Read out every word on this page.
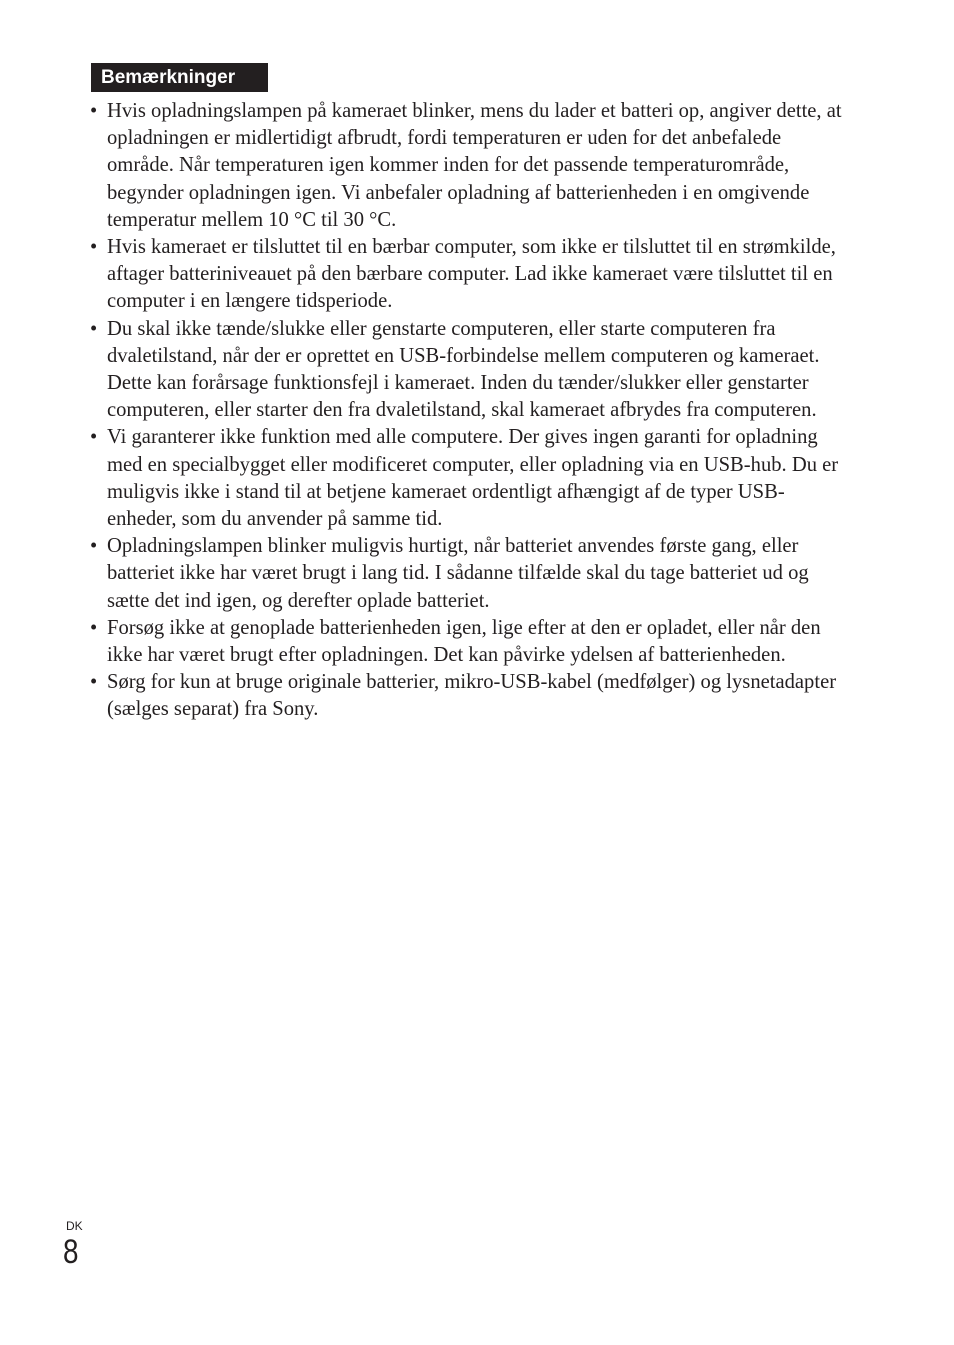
Bemærkninger
• Hvis opladningslampen på kameraet blinker, mens du lader et batteri op, angiver dette, at opladningen er midlertidigt afbrudt, fordi temperaturen er uden for det anbefalede område. Når temperaturen igen kommer inden for det passende temperaturområde, begynder opladningen igen. Vi anbefaler opladning af batterienheden i en omgivende temperatur mellem 10 °C til 30 °C.
• Hvis kameraet er tilsluttet til en bærbar computer, som ikke er tilsluttet til en strømkilde, aftager batteriniveauet på den bærbare computer. Lad ikke kameraet være tilsluttet til en computer i en længere tidsperiode.
• Du skal ikke tænde/slukke eller genstarte computeren, eller starte computeren fra dvaletilstand, når der er oprettet en USB-forbindelse mellem computeren og kameraet. Dette kan forårsage funktionsfejl i kameraet. Inden du tænder/slukker eller genstarter computeren, eller starter den fra dvaletilstand, skal kameraet afbrydes fra computeren.
• Vi garanterer ikke funktion med alle computere. Der gives ingen garanti for opladning med en specialbygget eller modificeret computer, eller opladning via en USB-hub. Du er muligvis ikke i stand til at betjene kameraet ordentligt afhængigt af de typer USB-enheder, som du anvender på samme tid.
• Opladningslampen blinker muligvis hurtigt, når batteriet anvendes første gang, eller batteriet ikke har været brugt i lang tid. I sådanne tilfælde skal du tage batteriet ud og sætte det ind igen, og derefter oplade batteriet.
• Forsøg ikke at genoplade batterienheden igen, lige efter at den er opladet, eller når den ikke har været brugt efter opladningen. Det kan påvirke ydelsen af batterienheden.
• Sørg for kun at bruge originale batterier, mikro-USB-kabel (medfølger) og lysnetadapter (sælges separat) fra Sony.
DK
8
